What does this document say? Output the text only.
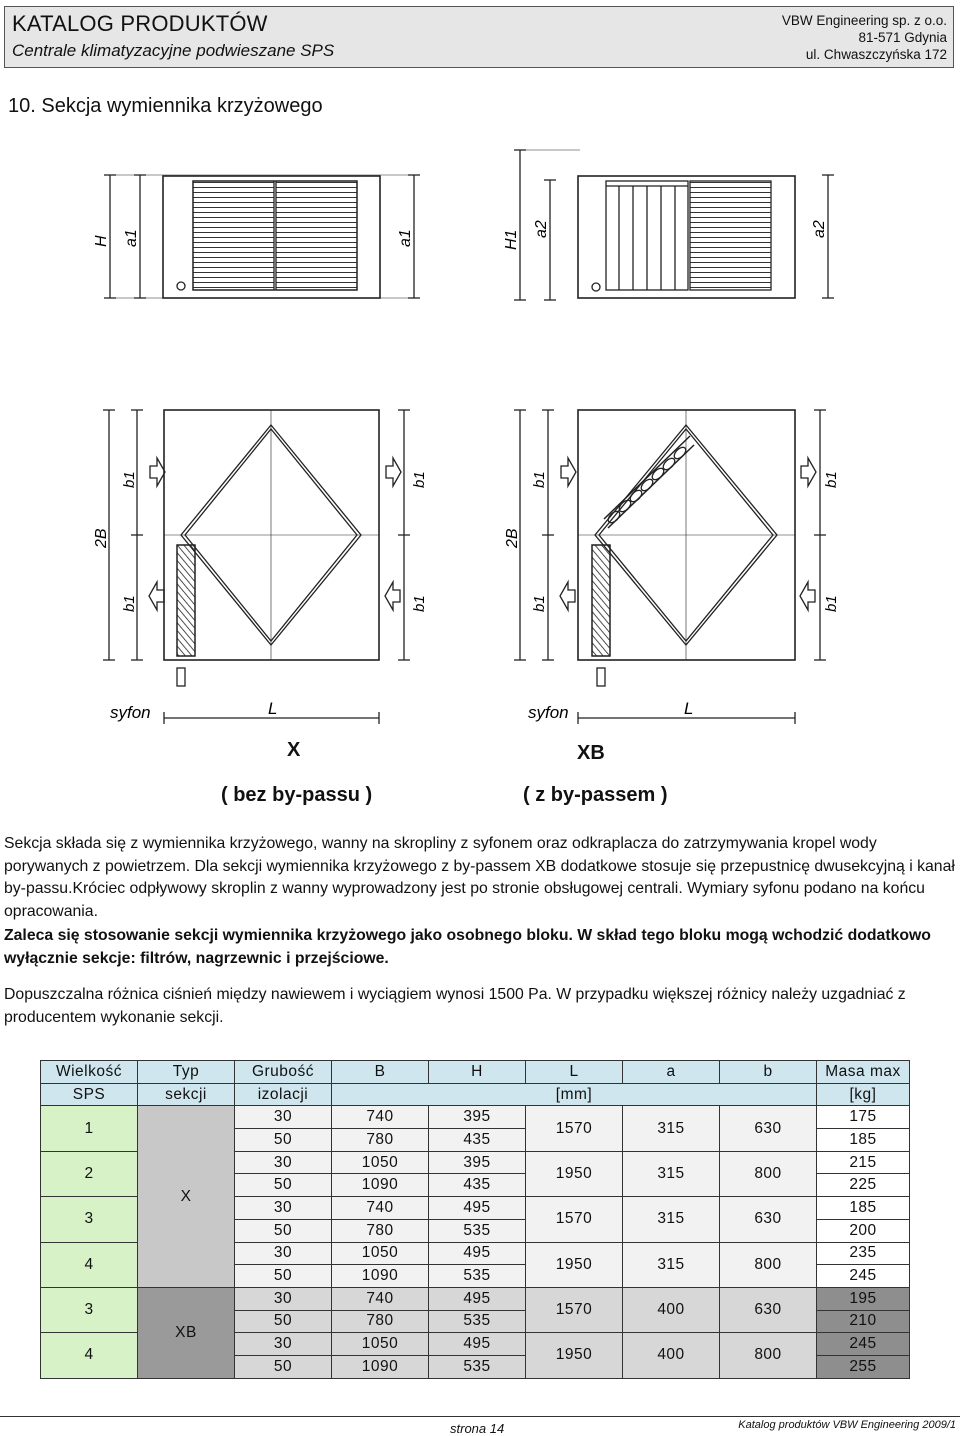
KATALOG PRODUKTÓW
Centrale klimatyzacyjne podwieszane SPS
VBW Engineering sp. z o.o.
81-571 Gdynia
ul. Chwaszczyńska 172
10. Sekcja wymiennika krzyżowego
H a1	a1	H1
a2	a2
2B
b1
b1
b1
b1
syfon	L
2B
b1
b1
b1
b1
syfon	L
X	XB
( bez by-passu )	( z by-passem )

Sekcja składa się z wymiennika krzyżowego, wanny na skropliny z syfonem oraz odkraplacza do zatrzymywania kropel wody porywanych z powietrzem. Dla sekcji wymiennika krzyżowego z by-passem XB dodatkowe stosuje się przepustnicę dwusekcyjną i kanał by-passu.Króciec odpływowy skroplin z wanny wyprowadzony jest po stronie obsługowej centrali. Wymiary syfonu podano na końcu opracowania.

Zaleca się stosowanie sekcji wymiennika krzyżowego jako osobnego bloku. W skład tego bloku mogą wchodzić dodatkowo wyłącznie sekcje: filtrów, nagrzewnic i przejściowe.

Dopuszczalna różnica ciśnień między nawiewem i wyciągiem wynosi 1500 Pa. W przypadku większej różnicy należy uzgadniać z producentem wykonanie sekcji.

Wielkość	Typ	Grubość	B	H	L	a	b	Masa max
SPS	sekcji	izolacji	[mm]					[kg]
1	X	30	740	395	1570	315	630	175
		50	780	435				185
2		30	1050	395	1950	315	800	215
		50	1090	435				225
3		30	740	495	1570	315	630	185
		50	780	535				200
4		30	1050	495	1950	315	800	235
		50	1090	535				245
3	XB	30	740	495	1570	400	630	195
		50	780	535				210
4		30	1050	495	1950	400	800	245
		50	1090	535				255
strona 14	Katalog produktów VBW Engineering 2009/1
